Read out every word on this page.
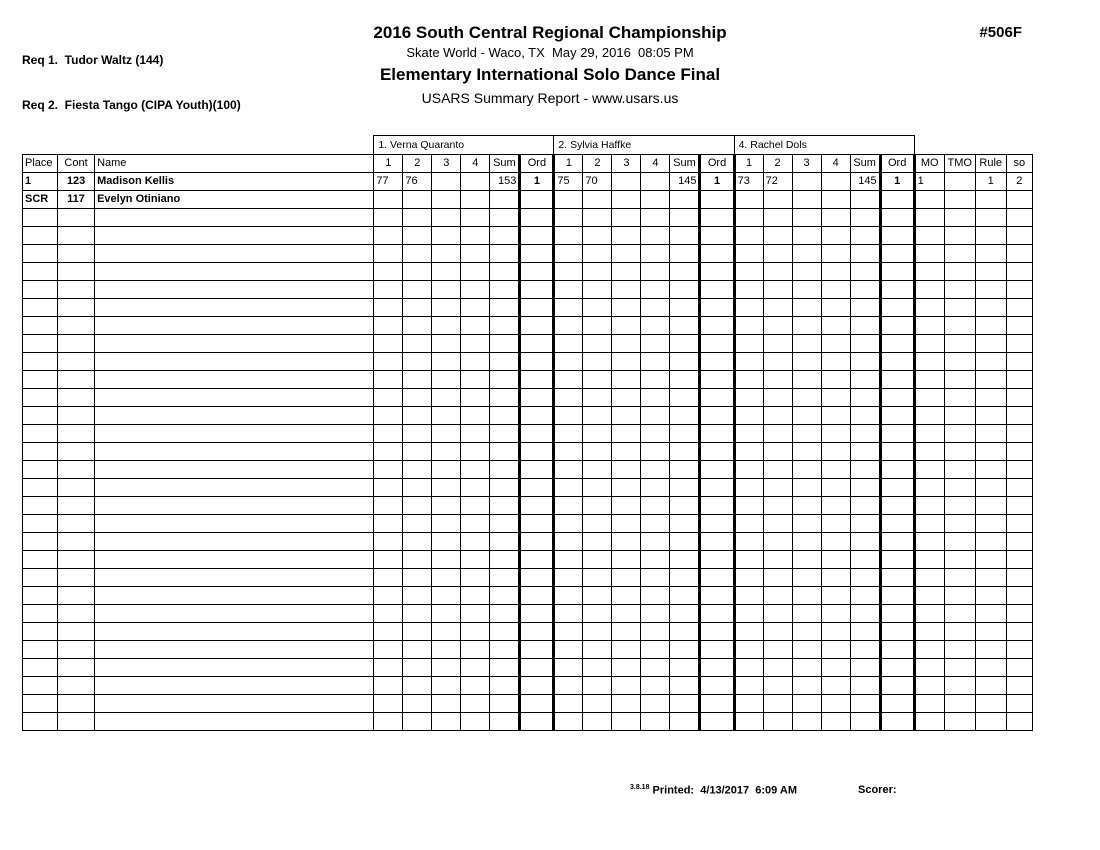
Req 1.  Tudor Waltz (144)

Req 2.  Fiesta Tango (CIPA Youth)(100)

2016 South Central Regional Championship
Skate World - Waco, TX  May 29, 2016  08:05 PM
Elementary International Solo Dance Final
USARS Summary Report - www.usars.us
#506F
			1. Verna Quaranto						2. Sylvia Haffke						4. Rachel Dols									
Place	Cont	Name	1	2	3	4	Sum	Ord	1	2	3	4	Sum	Ord	1	2	3	4	Sum	Ord	MO	TMO	Rule	so
1	123	Madison Kellis	77	76			153	1	75	70			145	1	73	72			145	1	1		1	2
SCR	117	Evelyn Otiniano																						

$^{3.8.18}$ Printed:  4/13/2017  6:09 AM	Scorer:
